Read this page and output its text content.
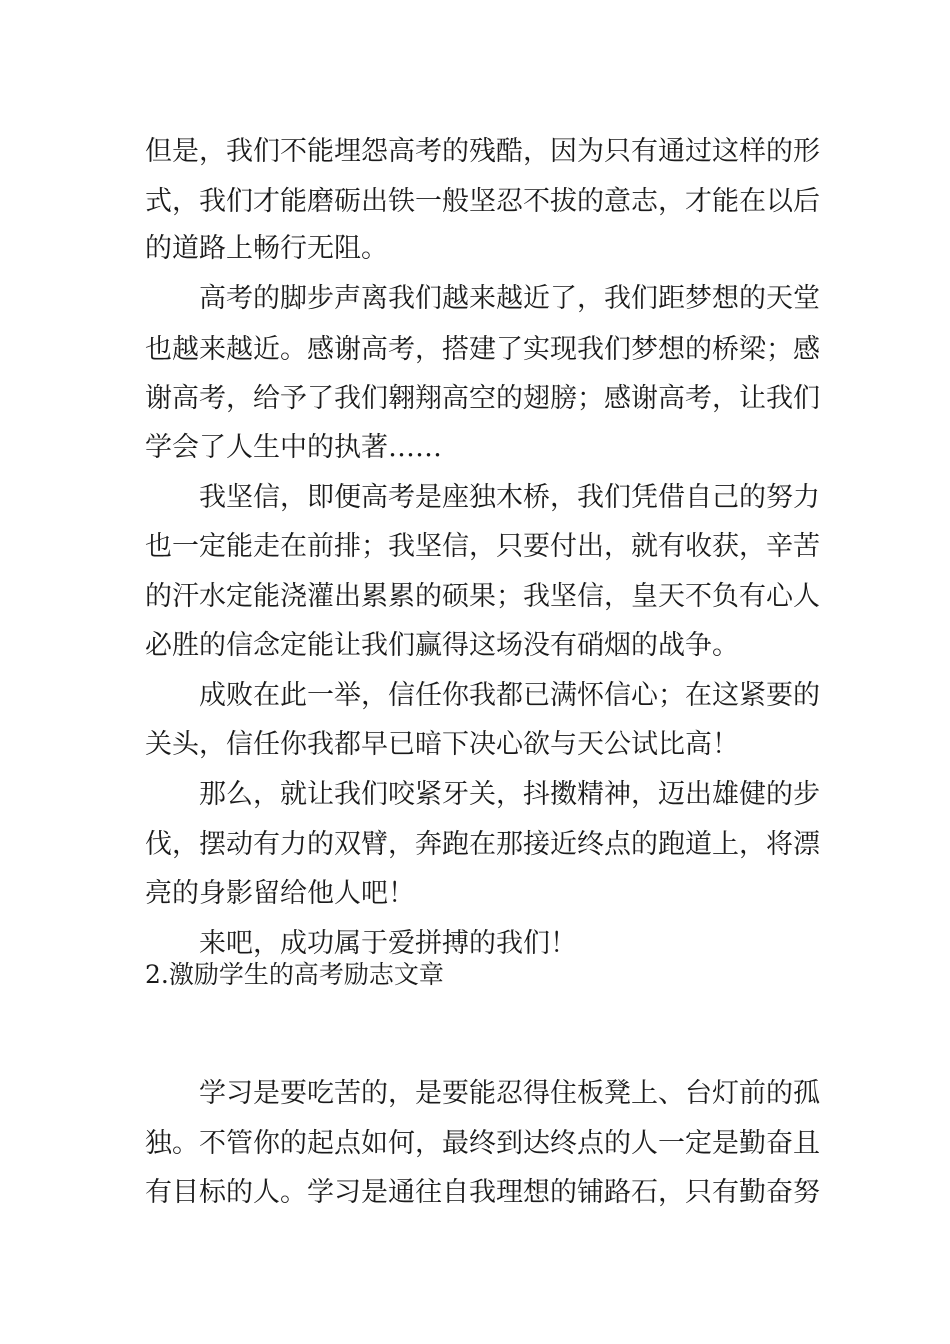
但是，我们不能埋怨高考的残酷，因为只有通过这样的形
式，我们才能磨砺出铁一般坚忍不拔的意志，才能在以后
的道路上畅行无阻。
高考的脚步声离我们越来越近了，我们距梦想的天堂
也越来越近。感谢高考，搭建了实现我们梦想的桥梁；感
谢高考，给予了我们翱翔高空的翅膀；感谢高考，让我们
学会了人生中的执著……
我坚信，即便高考是座独木桥，我们凭借自己的努力
也一定能走在前排；我坚信，只要付出，就有收获，辛苦
的汗水定能浇灌出累累的硕果；我坚信，皇天不负有心人
必胜的信念定能让我们赢得这场没有硝烟的战争。
成败在此一举，信任你我都已满怀信心；在这紧要的
关头，信任你我都早已暗下决心欲与天公试比高！
那么，就让我们咬紧牙关，抖擞精神，迈出雄健的步
伐，摆动有力的双臂，奔跑在那接近终点的跑道上，将漂
亮的身影留给他人吧！
来吧，成功属于爱拼搏的我们！
2.激励学生的高考励志文章
学习是要吃苦的，是要能忍得住板凳上、台灯前的孤
独。不管你的起点如何，最终到达终点的人一定是勤奋且
有目标的人。学习是通往自我理想的铺路石，只有勤奋努
